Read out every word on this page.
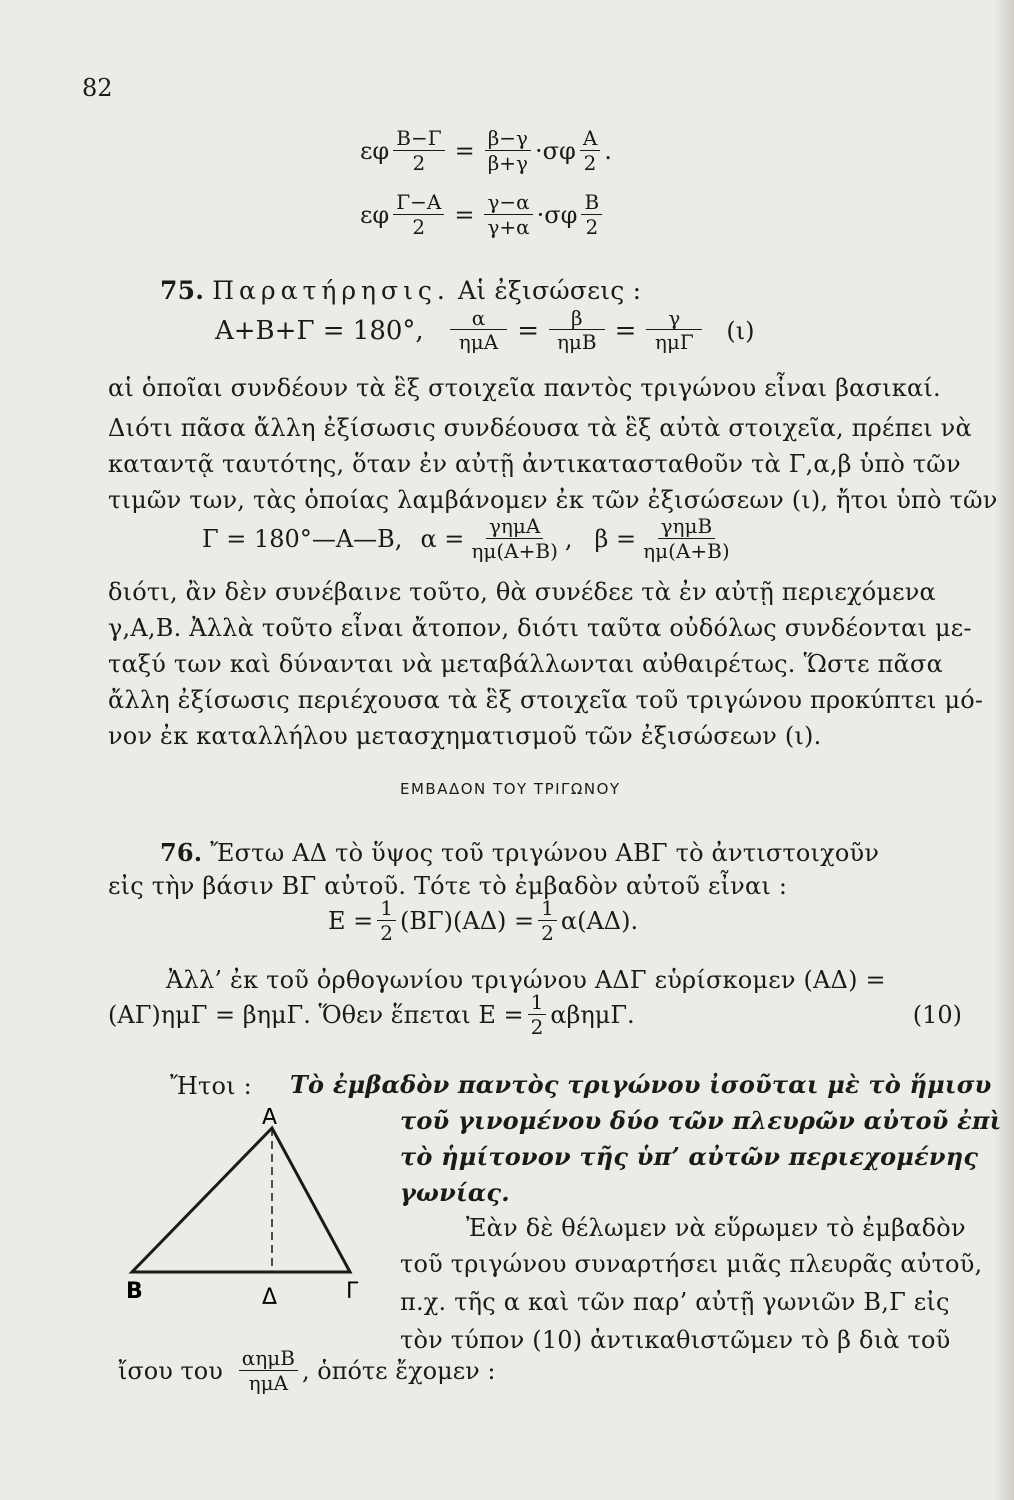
82
εφ $\frac{B-\Gamma}{2} = \frac{\beta-\gamma}{\beta+\gamma} \cdot\sigma\varphi \frac{A}{2}$ .
εφ $\frac{\Gamma-A}{2} = \frac{\gamma-\alpha}{\gamma+\alpha} \cdot\sigma\varphi \frac{B}{2}$
75. Παρατήρησις. Αἱ ἐξισώσεις :
A+B+Γ = 180°, $\frac{\alpha}{\text{ημA}} = \frac{\beta}{\text{ημB}} = \frac{\gamma}{\text{ημΓ}} (\iota)$
αἱ ὁποῖαι συνδέουν τὰ ἓξ στοιχεῖα παντὸς τριγώνου εἶναι βασικαί.
Διότι πᾶσα ἄλλη ἐξίσωσις συνδέουσα τὰ ἓξ αὐτὰ στοιχεῖα, πρέπει νὰ
καταντᾷ ταυτότης, ὅταν ἐν αὐτῇ ἀντικατασταθοῦν τὰ Γ,α,β ὑπὸ τῶν
τιμῶν των, τὰς ὁποίας λαμβάνομεν ἐκ τῶν ἐξισώσεων (ι), ἤτοι ὑπὸ τῶν
Γ = 180°—A—B, $\alpha = \frac{\text{γημA}}{\eta\mu(A+B)}$ , $\beta = \frac{\text{γημB}}{\eta\mu(A+B)}$
διότι, ἂν δὲν συνέβαινε τοῦτο, θὰ συνέδεε τὰ ἐν αὐτῇ περιεχόμενα
γ,A,B. Ἀλλὰ τοῦτο εἶναι ἄτοπον, διότι ταῦτα οὐδόλως συνδέονται με-
ταξύ των καὶ δύνανται νὰ μεταβάλλωνται αὐθαιρέτως. Ὥστε πᾶσα
ἄλλη ἐξίσωσις περιέχουσα τὰ ἓξ στοιχεῖα τοῦ τριγώνου προκύπτει μό-
νον ἐκ καταλλήλου μετασχηματισμοῦ τῶν ἐξισώσεων (ι).
ΕΜΒΑΔΟΝ ΤΟΥ ΤΡΙΓΩΝΟΥ
76. Ἔστω AΔ τὸ ὕψος τοῦ τριγώνου ABΓ τὸ ἀντιστοιχοῦν
εἰς τὴν βάσιν BΓ αὐτοῦ. Τότε τὸ ἐμβαδὸν αὐτοῦ εἶναι :
$E = \frac{1}{2} (B\Gamma)(A\Delta) = \frac{1}{2} \alpha(A\Delta)$.
Ἀλλ’ ἐκ τοῦ ὀρθογωνίου τριγώνου AΔΓ εὑρίσκομεν (AΔ) =
(AΓ)ημΓ = βημΓ. Ὅθεν ἕπεται $E = \frac{1}{2} \alpha\beta\eta\mu\Gamma$.	(10)
Ἤτοι : Τὸ ἐμβαδὸν παντὸς τριγώνου ἰσοῦται μὲ τὸ ἥμισυ
τοῦ γινομένου δύο τῶν πλευρῶν αὐτοῦ ἐπὶ
τὸ ἡμίτονον τῆς ὑπ’ αὐτῶν περιεχομένης
γωνίας.
Ἐὰν δὲ θέλωμεν νὰ εὕρωμεν τὸ ἐμβαδὸν
τοῦ τριγώνου συναρτήσει μιᾶς πλευρᾶς αὐτοῦ,
π.χ. τῆς α καὶ τῶν παρ’ αὐτῇ γωνιῶν B,Γ εἰς
τὸν τύπον (10) ἀντικαθιστῶμεν τὸ β διὰ τοῦ
A
B	Γ
Δ
ἴσου του $\frac{\text{αημB}}{\text{ημA}}$ , ὁπότε ἔχομεν :
